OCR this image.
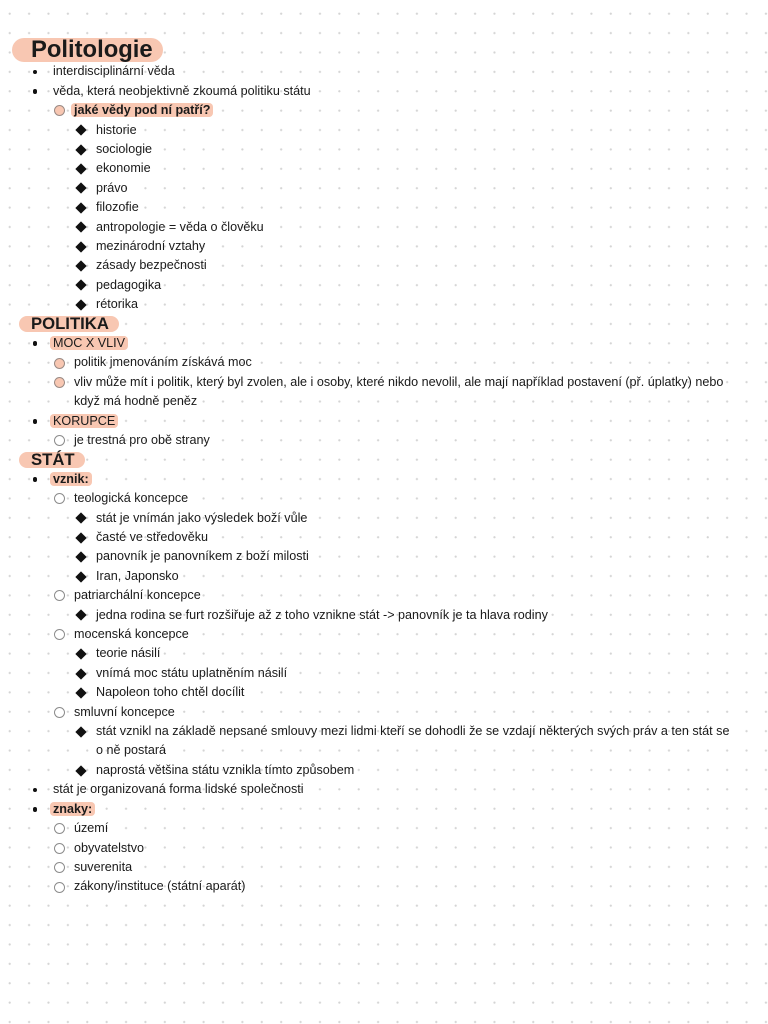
Politologie
interdisciplinární věda
věda, která neobjektivně zkoumá politiku státu
jaké vědy pod ní patří?
historie
sociologie
ekonomie
právo
filozofie
antropologie = věda o člověku
mezinárodní vztahy
zásady bezpečnosti
pedagogika
rétorika
POLITIKA
MOC X VLIV
politik jmenováním získává moc
vliv může mít i politik, který byl zvolen, ale i osoby, které nikdo nevolil, ale mají například postavení (př. úplatky) nebo když má hodně peněz
KORUPCE
je trestná pro obě strany
STÁT
vznik:
teologická koncepce
stát je vnímán jako výsledek boží vůle
časté ve středověku
panovník je panovníkem z boží milosti
Iran, Japonsko
patriarchální koncepce
jedna rodina se furt rozšiřuje až z toho vznikne stát -> panovník je ta hlava rodiny
mocenská koncepce
teorie násilí
vnímá moc státu uplatněním násilí
Napoleon toho chtěl docílit
smluvní koncepce
stát vznikl na základě nepsané smlouvy mezi lidmi kteří se dohodli že se vzdají některých svých práv a ten stát se o ně postará
naprostá většina státu vznikla tímto způsobem
stát je organizovaná forma lidské společnosti
znaky:
území
obyvatelstvo
suverenita
zákony/instituce (státní aparát)
